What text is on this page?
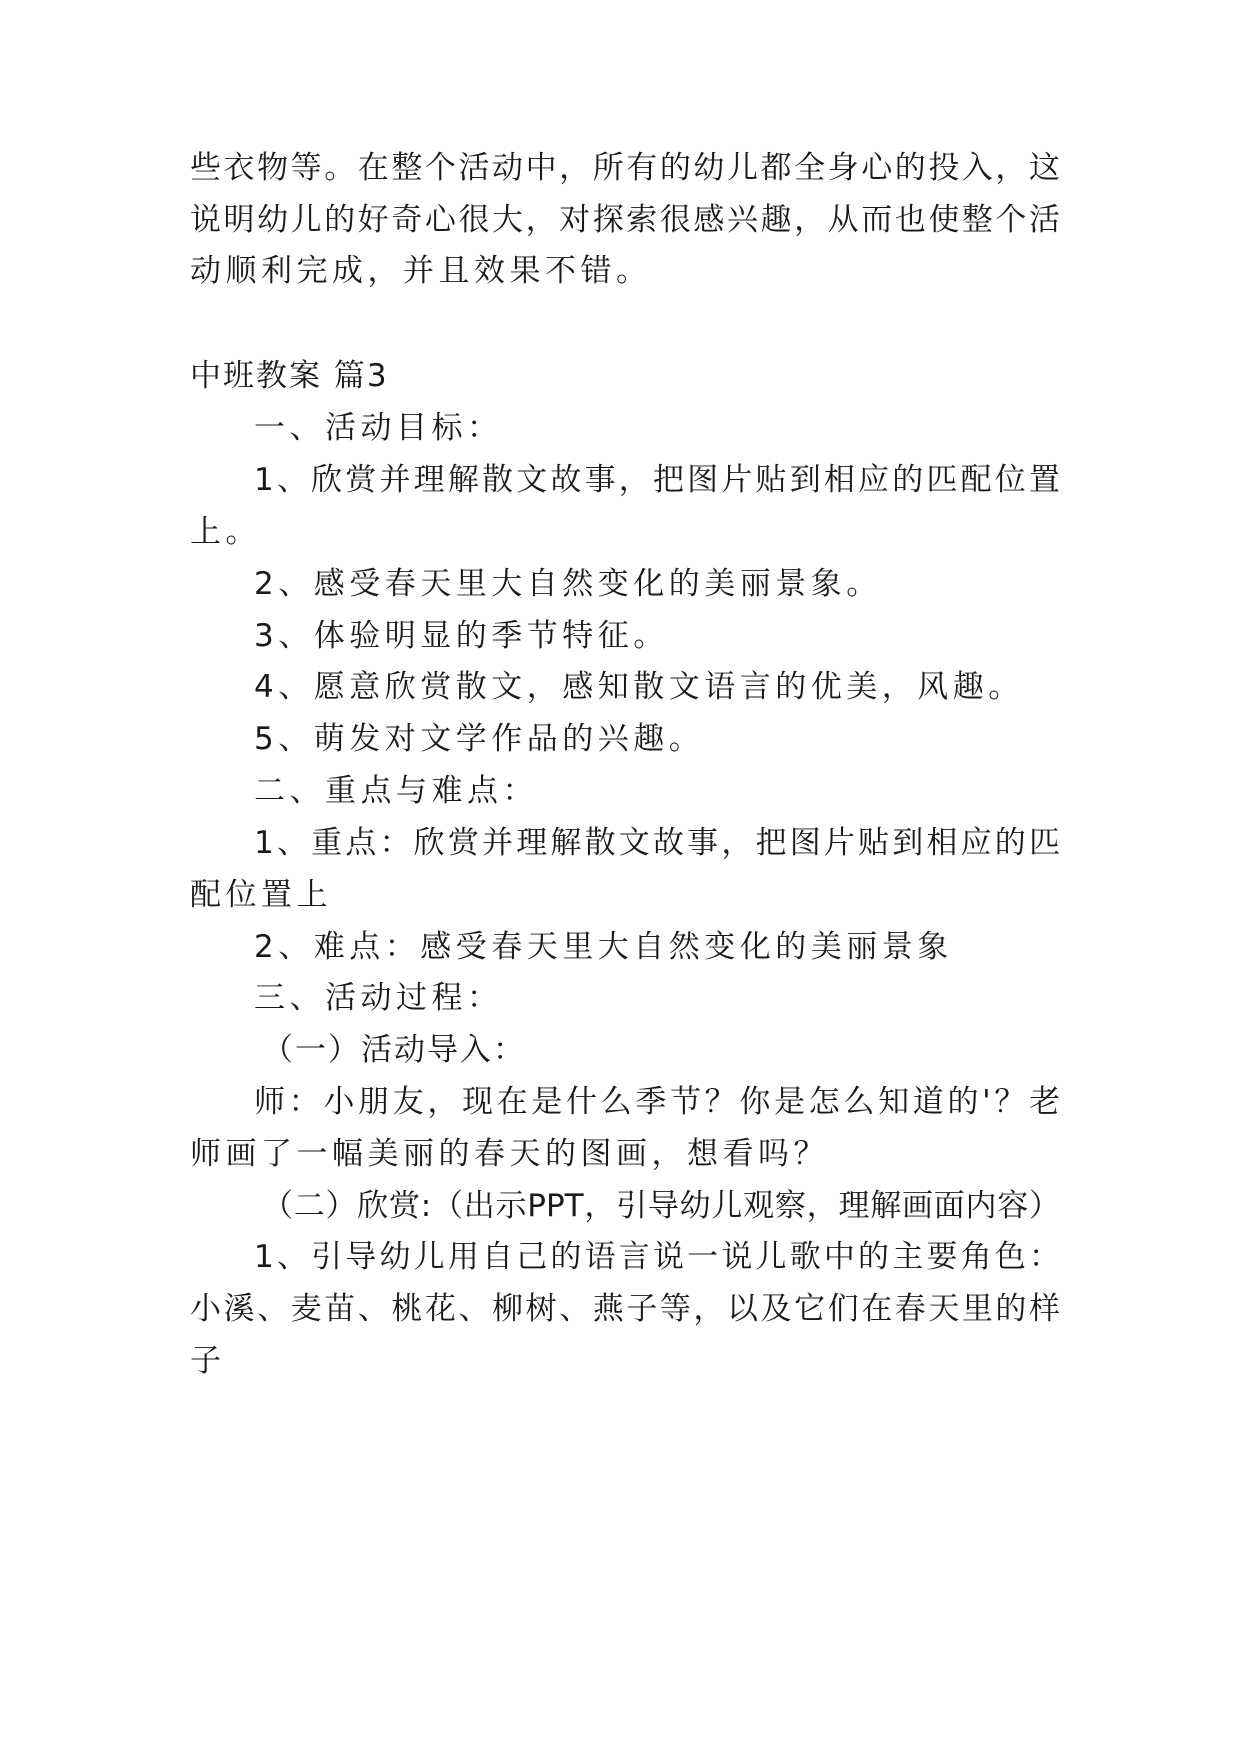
些衣物等。在整个活动中，所有的幼儿都全身心的投入，这
说明幼儿的好奇心很大，对探索很感兴趣，从而也使整个活
动顺利完成，并且效果不错。
中班教案 篇3
一、活动目标：
1、欣赏并理解散文故事，把图片贴到相应的匹配位置
上。
2、感受春天里大自然变化的美丽景象。
3、体验明显的季节特征。
4、愿意欣赏散文，感知散文语言的优美，风趣。
5、萌发对文学作品的兴趣。
二、重点与难点：
1、重点：欣赏并理解散文故事，把图片贴到相应的匹
配位置上
2、难点：感受春天里大自然变化的美丽景象
三、活动过程：
（一）活动导入：
师：小朋友，现在是什么季节？你是怎么知道的'？老
师画了一幅美丽的春天的图画，想看吗？
（二）欣赏:（出示PPT，引导幼儿观察，理解画面内容）
1、引导幼儿用自己的语言说一说儿歌中的主要角色：
小溪、麦苗、桃花、柳树、燕子等，以及它们在春天里的样
子
